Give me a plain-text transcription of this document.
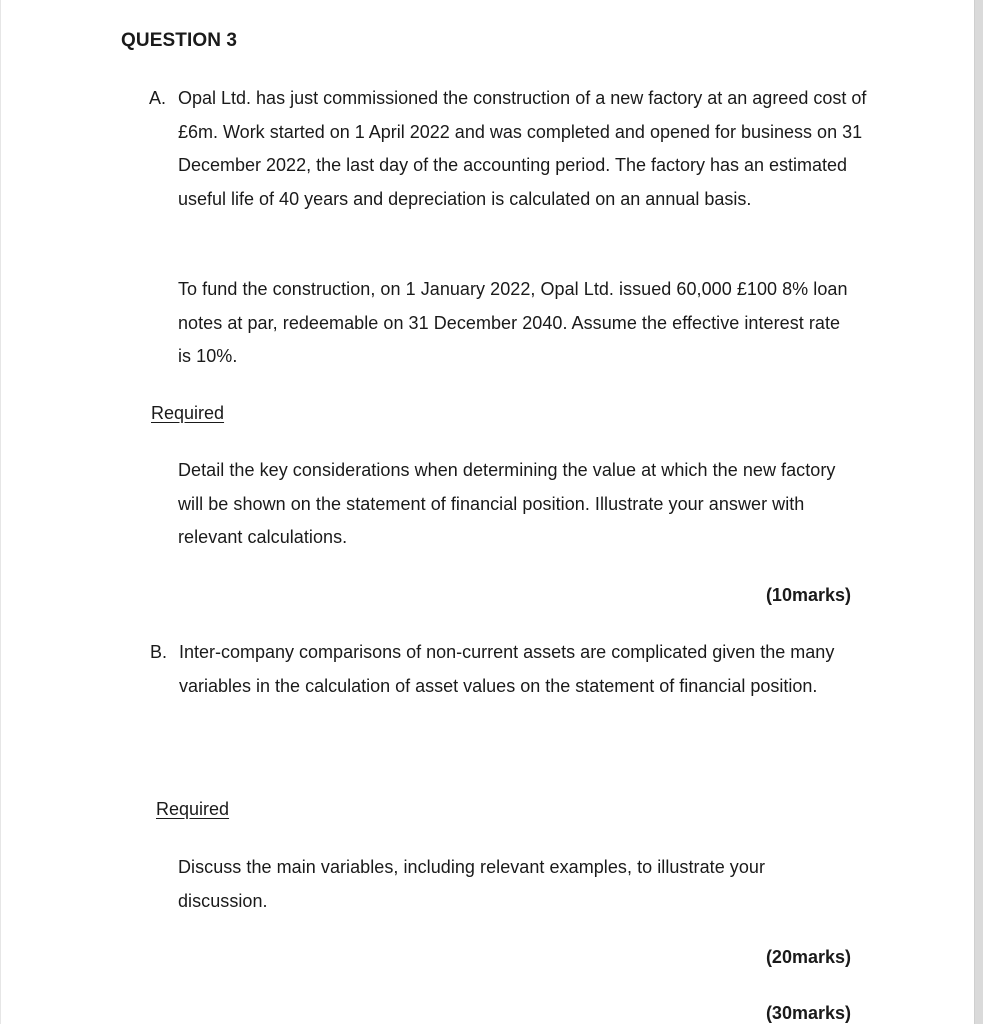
QUESTION 3
A. Opal Ltd. has just commissioned the construction of a new factory at an agreed cost of £6m. Work started on 1 April 2022 and was completed and opened for business on 31 December 2022, the last day of the accounting period. The factory has an estimated useful life of 40 years and depreciation is calculated on an annual basis.

To fund the construction, on 1 January 2022, Opal Ltd. issued 60,000 £100 8% loan notes at par, redeemable on 31 December 2040. Assume the effective interest rate is 10%.

Required

Detail the key considerations when determining the value at which the new factory will be shown on the statement of financial position. Illustrate your answer with relevant calculations.

(10marks)

B. Inter-company comparisons of non-current assets are complicated given the many variables in the calculation of asset values on the statement of financial position.

Required

Discuss the main variables, including relevant examples, to illustrate your discussion.

(20marks)

(30marks)
